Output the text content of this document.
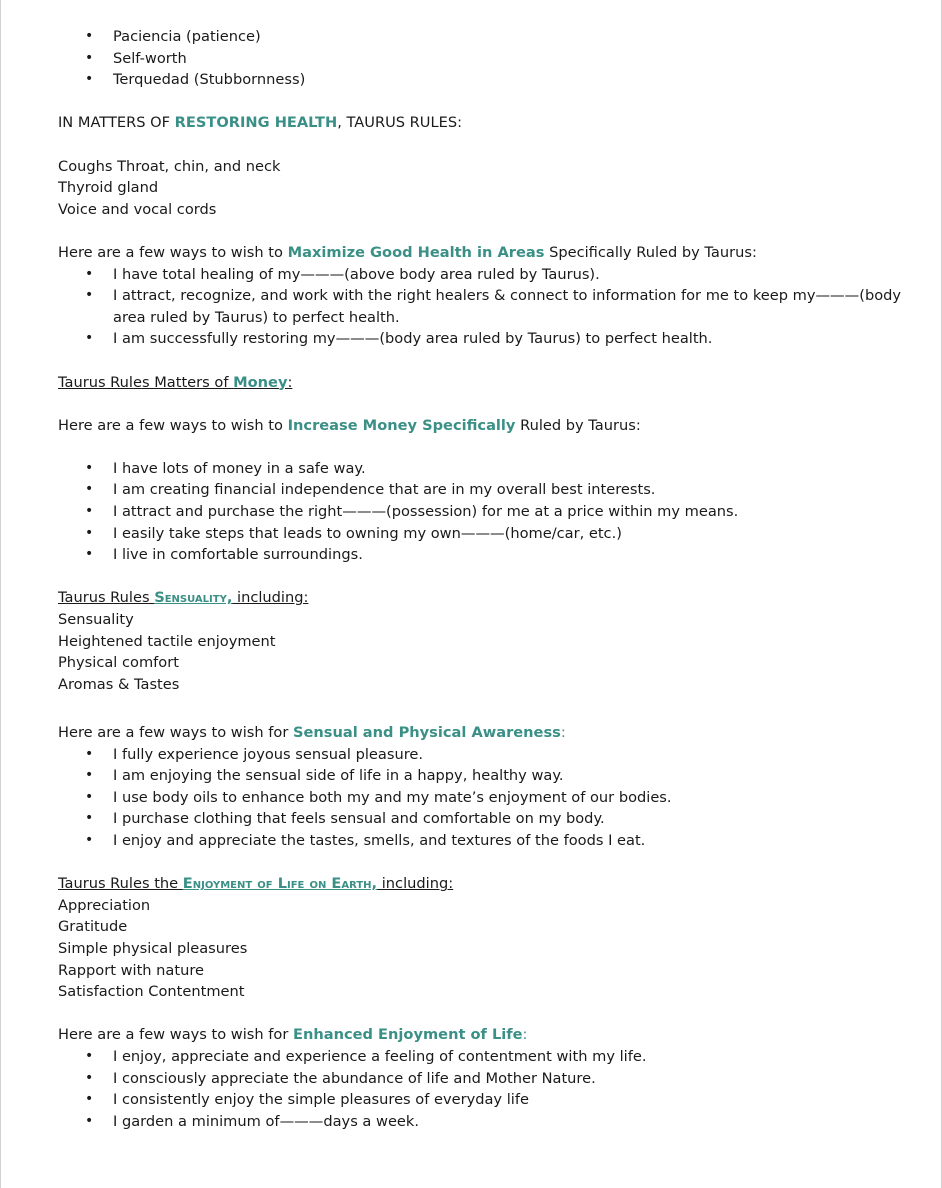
• Paciencia (patience)
• Self-worth
• Terquedad (Stubbornness)
IN MATTERS OF RESTORING HEALTH, TAURUS RULES:
Coughs Throat, chin, and neck
Thyroid gland
Voice and vocal cords
Here are a few ways to wish to Maximize Good Health in Areas Specifically Ruled by Taurus:
• I have total healing of my———(above body area ruled by Taurus).
• I attract, recognize, and work with the right healers & connect to information for me to keep my———(body area ruled by Taurus) to perfect health.
• I am successfully restoring my———(body area ruled by Taurus) to perfect health.
Taurus Rules Matters of Money:
Here are a few ways to wish to Increase Money Specifically Ruled by Taurus:
• I have lots of money in a safe way.
• I am creating financial independence that are in my overall best interests.
• I attract and purchase the right———(possession) for me at a price within my means.
• I easily take steps that leads to owning my own———(home/car, etc.)
• I live in comfortable surroundings.
Taurus Rules Sensuality, including:
Sensuality
Heightened tactile enjoyment
Physical comfort
Aromas & Tastes
Here are a few ways to wish for Sensual and Physical Awareness:
• I fully experience joyous sensual pleasure.
• I am enjoying the sensual side of life in a happy, healthy way.
• I use body oils to enhance both my and my mate’s enjoyment of our bodies.
• I purchase clothing that feels sensual and comfortable on my body.
• I enjoy and appreciate the tastes, smells, and textures of the foods I eat.
Taurus Rules the Enjoyment of Life on Earth, including:
Appreciation
Gratitude
Simple physical pleasures
Rapport with nature
Satisfaction Contentment
Here are a few ways to wish for Enhanced Enjoyment of Life:
• I enjoy, appreciate and experience a feeling of contentment with my life.
• I consciously appreciate the abundance of life and Mother Nature.
• I consistently enjoy the simple pleasures of everyday life
• I garden a minimum of———days a week.
